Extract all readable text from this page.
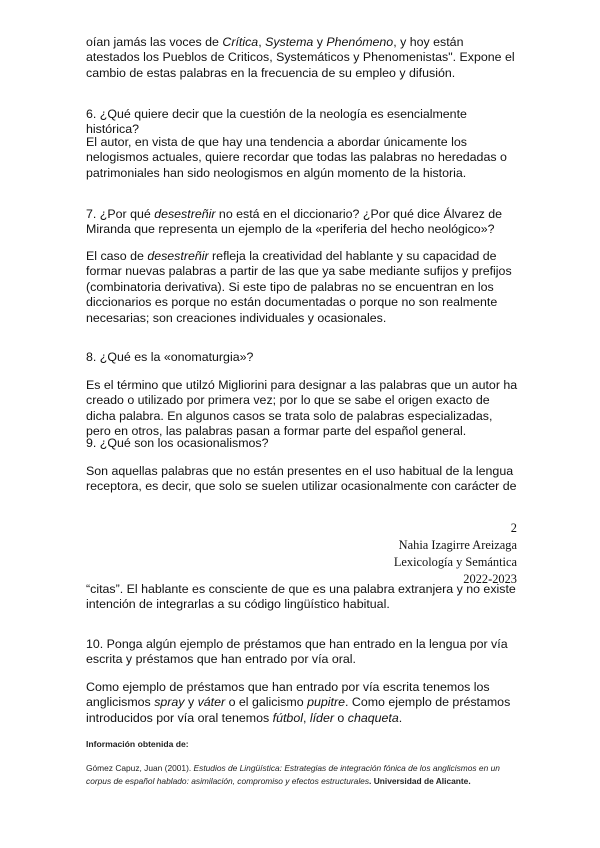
oían jamás las voces de Crítica, Systema y Phenómeno, y hoy están atestados los Pueblos de Criticos, Systemáticos y Phenomenistas". Expone el cambio de estas palabras en la frecuencia de su empleo y difusión.

6. ¿Qué quiere decir que la cuestión de la neología es esencialmente histórica?

El autor, en vista de que hay una tendencia a abordar únicamente los nelogismos actuales, quiere recordar que todas las palabras no heredadas o patrimoniales han sido neologismos en algún momento de la historia.

7. ¿Por qué desestreñir no está en el diccionario? ¿Por qué dice Álvarez de Miranda que representa un ejemplo de la «periferia del hecho neológico»?

El caso de desestreñir refleja la creatividad del hablante y su capacidad de formar nuevas palabras a partir de las que ya sabe mediante sufijos y prefijos (combinatoria derivativa). Si este tipo de palabras no se encuentran en los diccionarios es porque no están documentadas o porque no son realmente necesarias; son creaciones individuales y ocasionales.

8. ¿Qué es la «onomaturgia»?

Es el término que utilzó Migliorini para designar a las palabras que un autor ha creado o utilizado por primera vez; por lo que se sabe el origen exacto de dicha palabra. En algunos casos se trata solo de palabras especializadas, pero en otros, las palabras pasan a formar parte del español general.

9. ¿Qué son los ocasionalismos?

Son aquellas palabras que no están presentes en el uso habitual de la lengua receptora, es decir, que solo se suelen utilizar ocasionalmente con carácter de

2
Nahia Izagirre Areizaga
Lexicología y Semántica
2022-2023

“citas”. El hablante es consciente de que es una palabra extranjera y no existe intención de integrarlas a su código lingüístico habitual.

10. Ponga algún ejemplo de préstamos que han entrado en la lengua por vía escrita y préstamos que han entrado por vía oral.

Como ejemplo de préstamos que han entrado por vía escrita tenemos los anglicismos spray y váter o el galicismo pupitre. Como ejemplo de préstamos introducidos por vía oral tenemos fútbol, líder o chaqueta.

Información obtenida de:

Gómez Capuz, Juan (2001). Estudios de Lingüística: Estrategias de integración fónica de los anglicismos en un corpus de español hablado: asimilación, compromiso y efectos estructurales. Universidad de Alicante.
